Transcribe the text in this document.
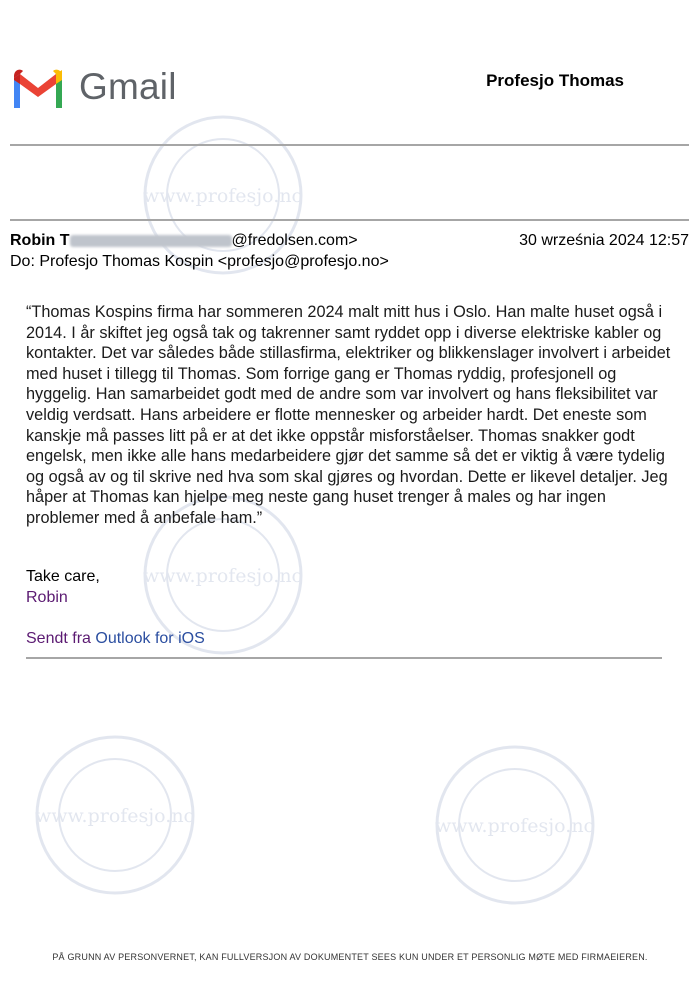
www.profesjo.no
www.profesjo.no
www.profesjo.no	www.profesjo.no
Gmail	Profesjo Thomas
Robin T	@fredolsen.com>	30 września 2024 12:57
Do: Profesjo Thomas Kospin <profesjo@profesjo.no>
“Thomas Kospins firma har sommeren 2024 malt mitt hus i Oslo. Han malte huset også i 2014. I år skiftet jeg også tak og takrenner samt ryddet opp i diverse elektriske kabler og kontakter. Det var således både stillasfirma, elektriker og blikkenslager involvert i arbeidet med huset i tillegg til Thomas. Som forrige gang er Thomas ryddig, profesjonell og hyggelig. Han samarbeidet godt med de andre som var involvert og hans fleksibilitet var veldig verdsatt. Hans arbeidere er flotte mennesker og arbeider hardt. Det eneste som kanskje må passes litt på er at det ikke oppstår misforståelser. Thomas snakker godt engelsk, men ikke alle hans medarbeidere gjør det samme så det er viktig å være tydelig og også av og til skrive ned hva som skal gjøres og hvordan. Dette er likevel detaljer. Jeg håper at Thomas kan hjelpe meg neste gang huset trenger å males og har ingen problemer med å anbefale ham.”
Take care,
Robin
Sendt fra Outlook for iOS
PÅ GRUNN AV PERSONVERNET, KAN FULLVERSJON AV DOKUMENTET SEES KUN UNDER ET PERSONLIG MØTE MED FIRMAEIEREN.
